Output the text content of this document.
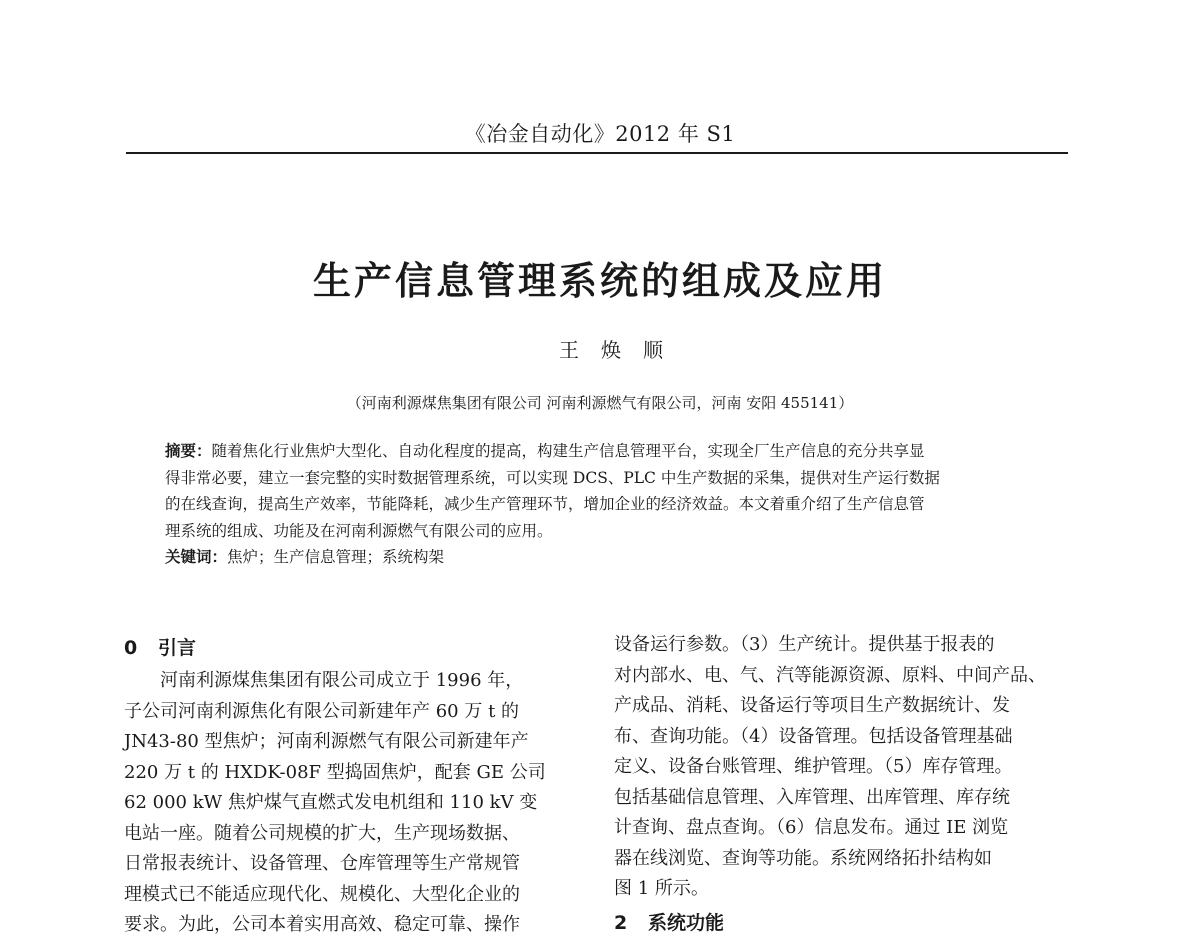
《冶金自动化》2012 年 S1
生产信息管理系统的组成及应用
王焕顺
（河南利源煤焦集团有限公司 河南利源燃气有限公司，河南 安阳 455141）
摘要：随着焦化行业焦炉大型化、自动化程度的提高，构建生产信息管理平台，实现全厂生产信息的充分共享显
得非常必要，建立一套完整的实时数据管理系统，可以实现 DCS、PLC 中生产数据的采集，提供对生产运行数据
的在线查询，提高生产效率，节能降耗，减少生产管理环节，增加企业的经济效益。本文着重介绍了生产信息管
理系统的组成、功能及在河南利源燃气有限公司的应用。
关键词：焦炉；生产信息管理；系统构架
0 引言
河南利源煤焦集团有限公司成立于 1996 年，
子公司河南利源焦化有限公司新建年产 60 万 t 的
JN43-80 型焦炉；河南利源燃气有限公司新建年产
220 万 t 的 HXDK-08F 型捣固焦炉，配套 GE 公司
62 000 kW 焦炉煤气直燃式发电机组和 110 kV 变
电站一座。随着公司规模的扩大，生产现场数据、
日常报表统计、设备管理、仓库管理等生产常规管
理模式已不能适应现代化、规模化、大型化企业的
要求。为此，公司本着实用高效、稳定可靠、操作
设备运行参数。（3）生产统计。提供基于报表的
对内部水、电、气、汽等能源资源、原料、中间产品、
产成品、消耗、设备运行等项目生产数据统计、发
布、查询功能。（4）设备管理。包括设备管理基础
定义、设备台账管理、维护管理。（5）库存管理。
包括基础信息管理、入库管理、出库管理、库存统
计查询、盘点查询。（6）信息发布。通过 IE 浏览
器在线浏览、查询等功能。系统网络拓扑结构如
图 1 所示。
2 系统功能
